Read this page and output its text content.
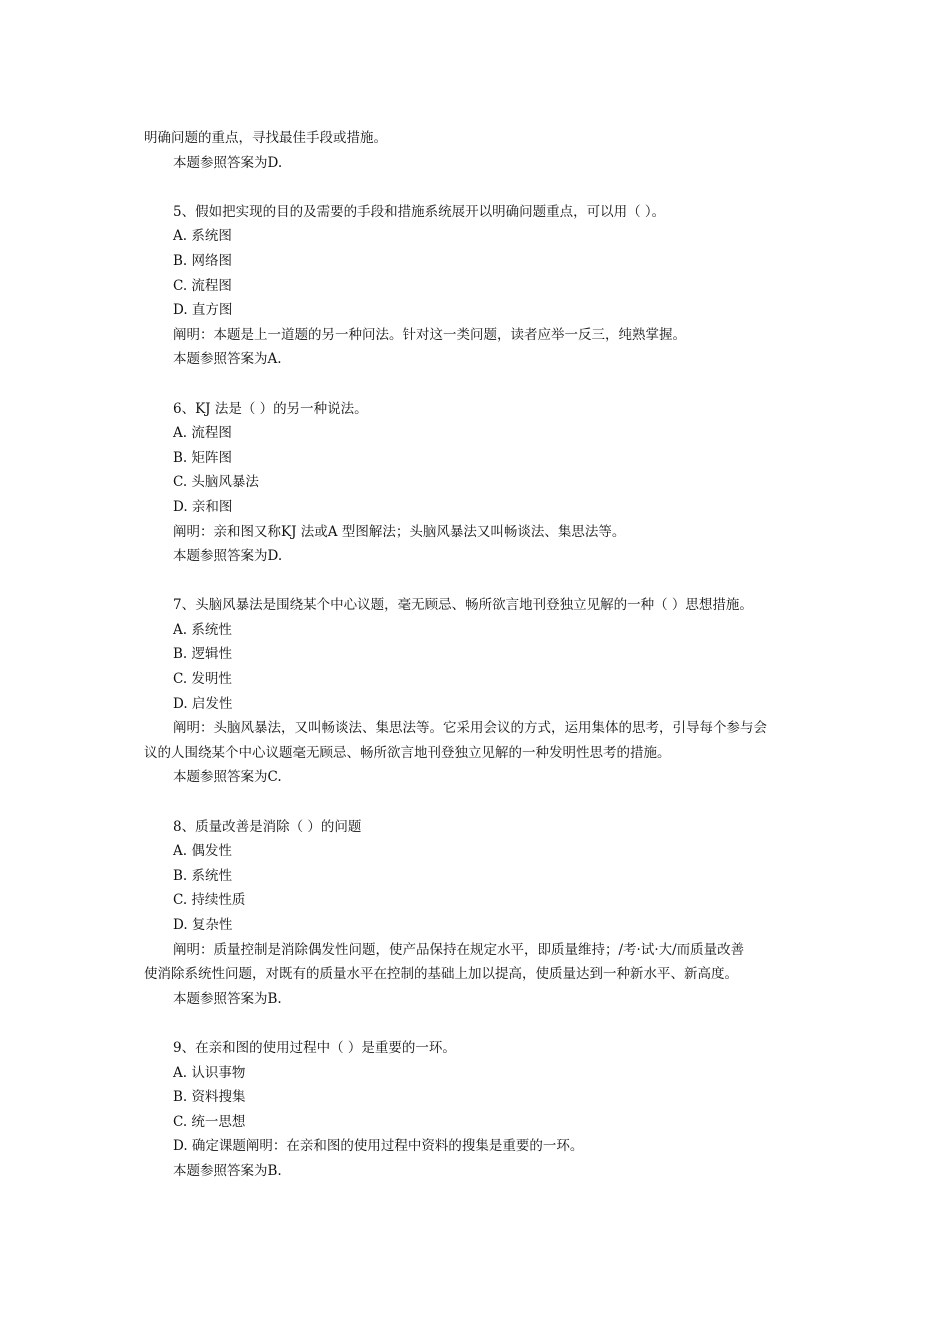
明确问题的重点，寻找最佳手段或措施。
本题参照答案为D.
5、假如把实现的目的及需要的手段和措施系统展开以明确问题重点，可以用（ ）。
A. 系统图
B. 网络图
C. 流程图
D. 直方图
阐明：本题是上一道题的另一种问法。针对这一类问题，读者应举一反三，纯熟掌握。
本题参照答案为A.
6、KJ 法是（ ）的另一种说法。
A. 流程图
B. 矩阵图
C. 头脑风暴法
D. 亲和图
阐明：亲和图又称KJ 法或A 型图解法；头脑风暴法又叫畅谈法、集思法等。
本题参照答案为D.
7、头脑风暴法是围绕某个中心议题，毫无顾忌、畅所欲言地刊登独立见解的一种（ ）思想措施。
A. 系统性
B. 逻辑性
C. 发明性
D. 启发性
阐明：头脑风暴法，又叫畅谈法、集思法等。它采用会议的方式，运用集体的思考，引导每个参与会
议的人围绕某个中心议题毫无顾忌、畅所欲言地刊登独立见解的一种发明性思考的措施。
本题参照答案为C.
8、质量改善是消除（ ）的问题
A. 偶发性
B. 系统性
C. 持续性质
D. 复杂性
阐明：质量控制是消除偶发性问题，使产品保持在规定水平，即质量维持；/考·试·大/而质量改善
使消除系统性问题，对既有的质量水平在控制的基础上加以提高，使质量达到一种新水平、新高度。
本题参照答案为B.
9、在亲和图的使用过程中（ ）是重要的一环。
A. 认识事物
B. 资料搜集
C. 统一思想
D. 确定课题阐明：在亲和图的使用过程中资料的搜集是重要的一环。
本题参照答案为B.
